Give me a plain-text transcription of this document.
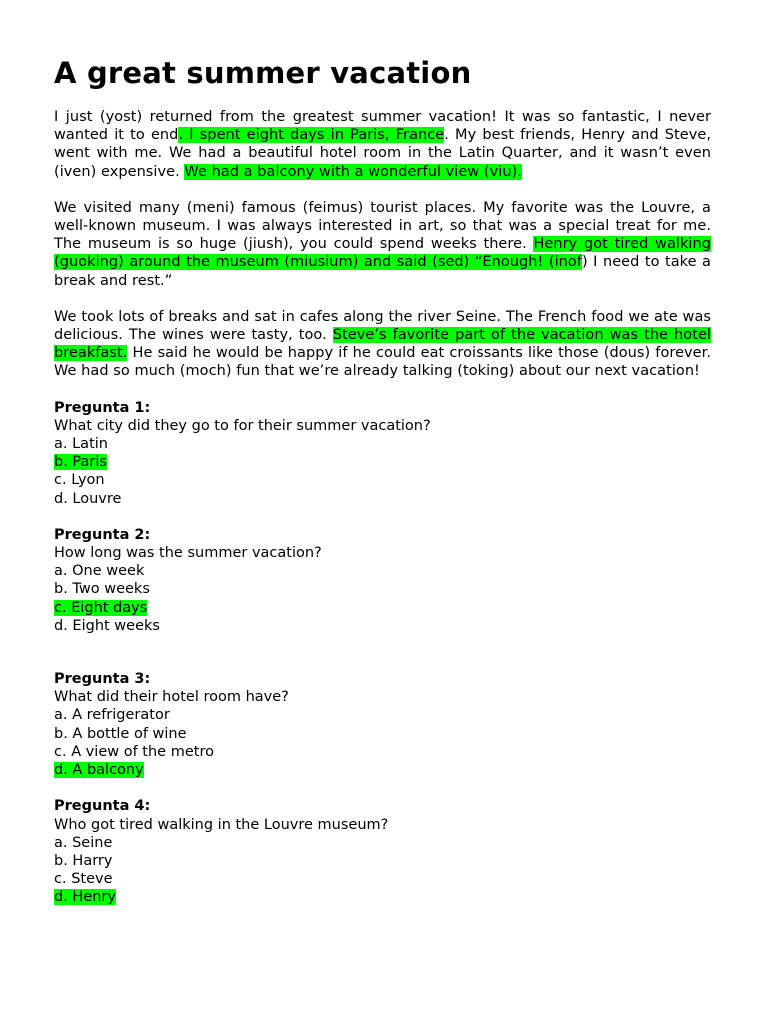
A great summer vacation

I just (yost) returned from the greatest summer vacation! It was so fantastic, I never wanted it to end. I spent eight days in Paris, France. My best friends, Henry and Steve, went with me. We had a beautiful hotel room in the Latin Quarter, and it wasn’t even (iven) expensive. We had a balcony with a wonderful view (viu).

We visited many (meni) famous (feimus) tourist places. My favorite was the Louvre, a well-known museum. I was always interested in art, so that was a special treat for me. The museum is so huge (jiush), you could spend weeks there. Henry got tired walking (guoking) around the museum (miusium) and said (sed) “Enough! (inof) I need to take a break and rest.”

We took lots of breaks and sat in cafes along the river Seine. The French food we ate was delicious. The wines were tasty, too. Steve’s favorite part of the vacation was the hotel breakfast. He said he would be happy if he could eat croissants like those (dous) forever. We had so much (moch) fun that we’re already talking (toking) about our next vacation!

Pregunta 1:
What city did they go to for their summer vacation?
a. Latin
b. Paris
c. Lyon
d. Louvre
Pregunta 2:
How long was the summer vacation?
a. One week
b. Two weeks
c. Eight days
d. Eight weeks
Pregunta 3:
What did their hotel room have?
a. A refrigerator
b. A bottle of wine
c. A view of the metro
d. A balcony
Pregunta 4:
Who got tired walking in the Louvre museum?
a. Seine
b. Harry
c. Steve
d. Henry
